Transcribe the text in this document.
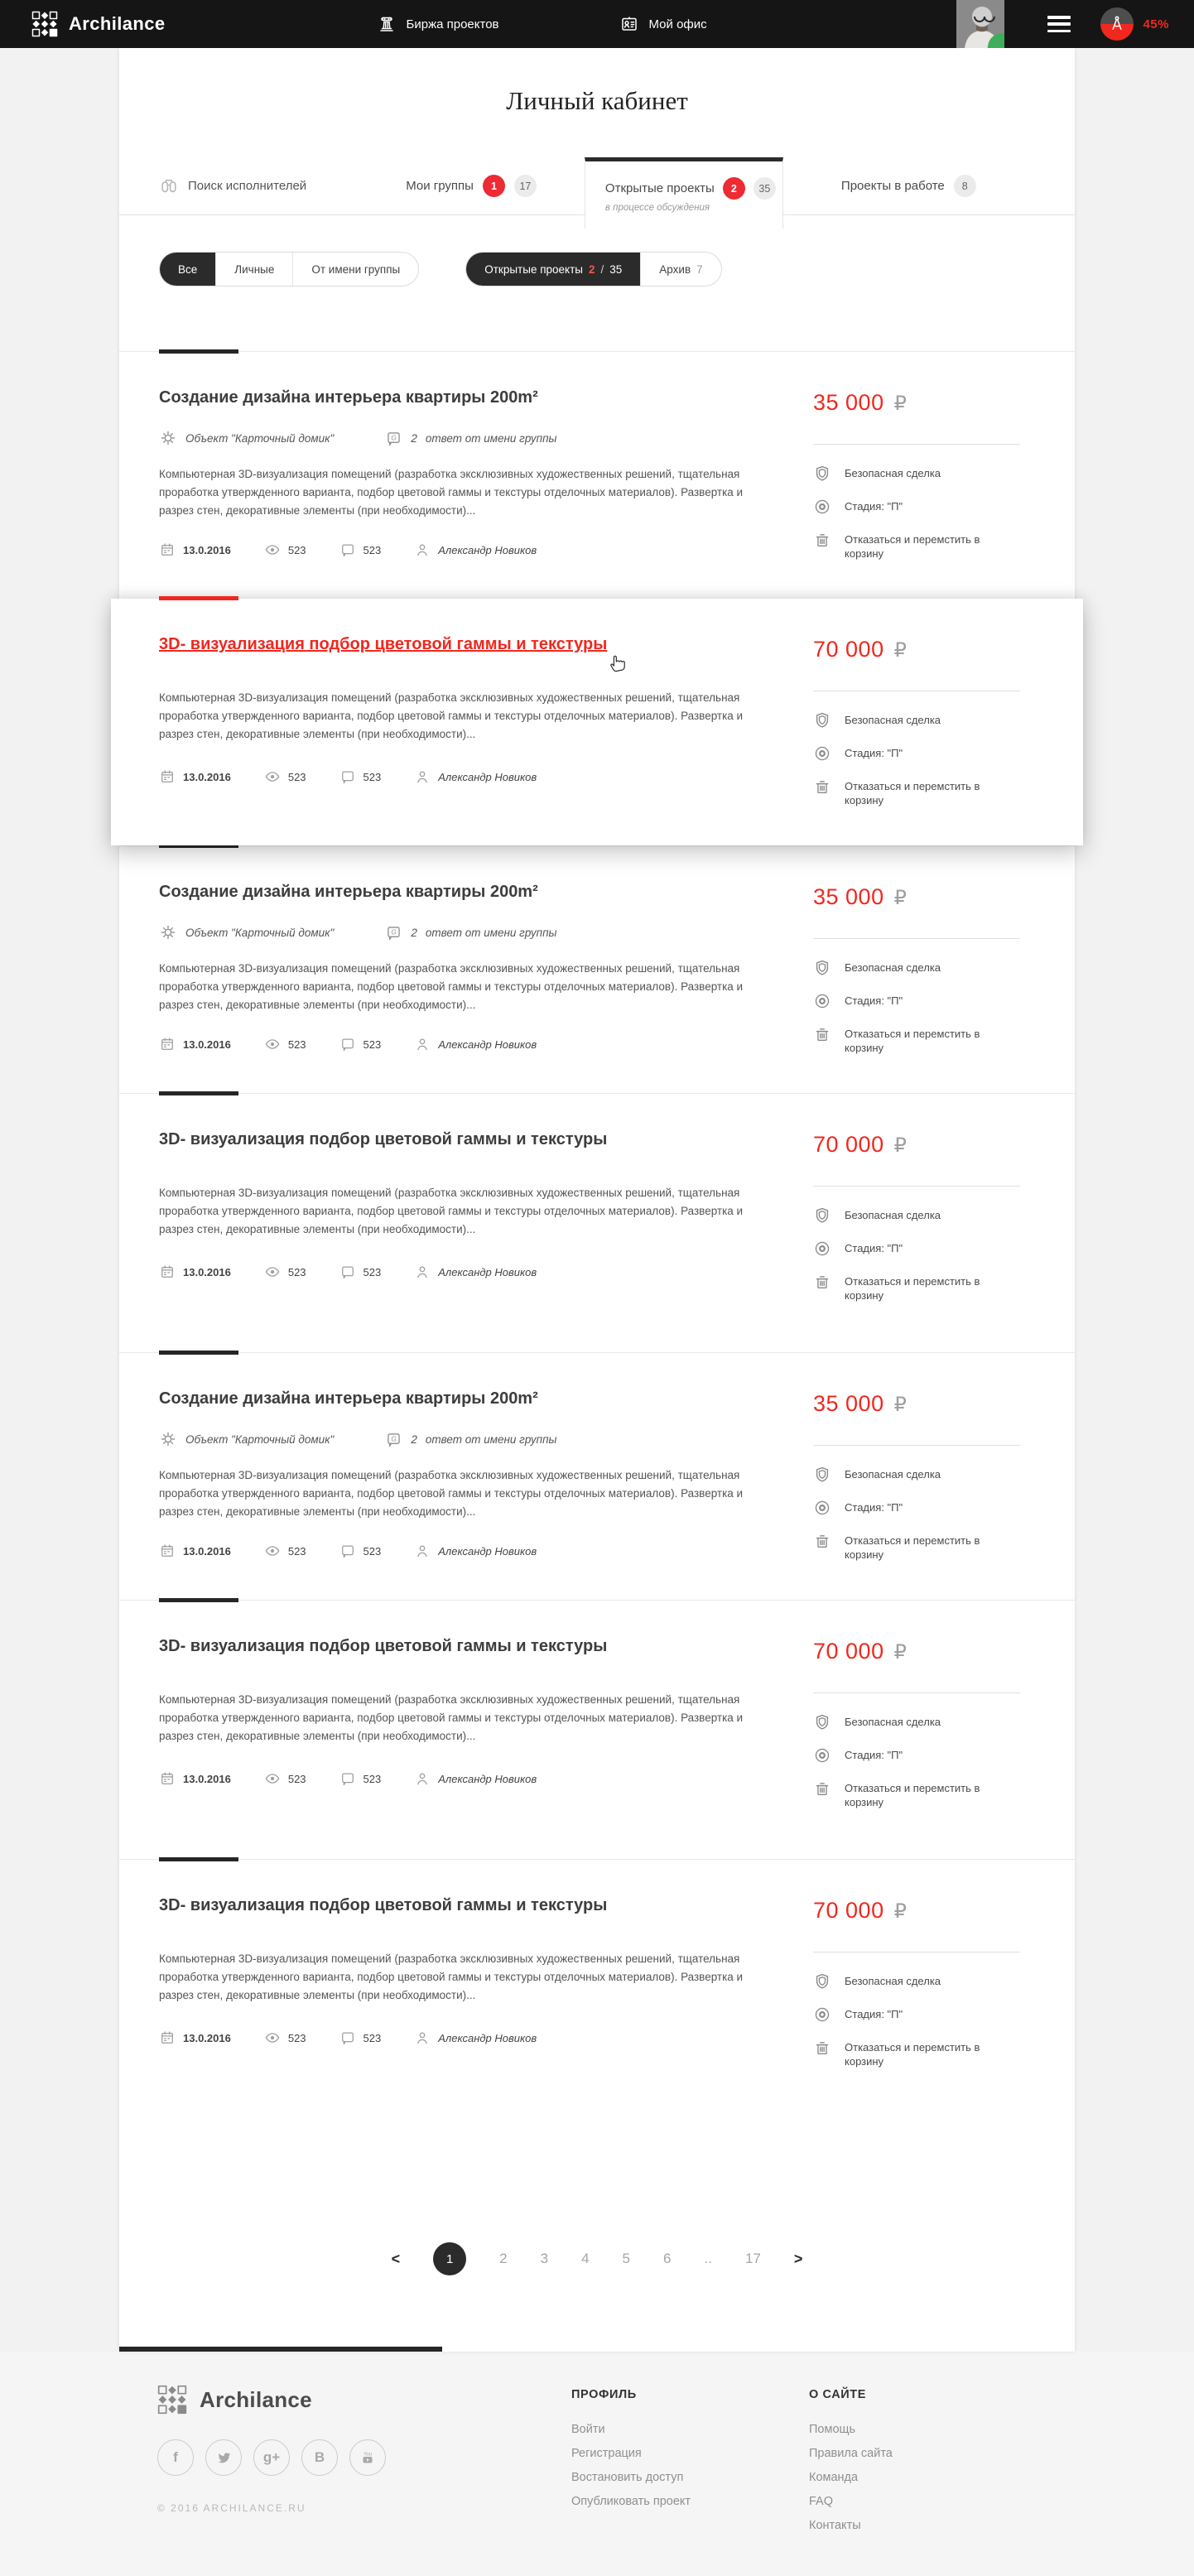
Archilance	Биржа проектов	Мой офис	45%
Личный кабинет
Поиск исполнителей	Мои группы	1	17	Открытые проекты	2	35
в процессе обсуждения
Проекты в работе	8
Все	Личные	От имени группы	Открытые проекты 2 / 35	Архив 7
Создание дизайна интерьера квартиры 200m²
Объект "Карточный домик"	2 ответ от имени группы

Компьютерная 3D-визуализация помещений (разработка эксклюзивных художественных решений, тщательная проработка утвержденного варианта, подбор цветовой гаммы и текстуры отделочных материалов). Развертка и разрез стен, декоративные элементы (при необходимости)...

13.0.2016	523	523	Александр Новиков
35 000 ₽
Безопасная сделка
Стадия: "П"
Отказаться и перемстить в корзину
3D- визуализация подбор цветовой гаммы и текстуры

Компьютерная 3D-визуализация помещений (разработка эксклюзивных художественных решений, тщательная проработка утвержденного варианта, подбор цветовой гаммы и текстуры отделочных материалов). Развертка и разрез стен, декоративные элементы (при необходимости)...

13.0.2016	523	523	Александр Новиков
70 000 ₽
Безопасная сделка
Стадия: "П"
Отказаться и перемстить в корзину
Создание дизайна интерьера квартиры 200m²
Объект "Карточный домик"	2 ответ от имени группы

Компьютерная 3D-визуализация помещений (разработка эксклюзивных художественных решений, тщательная проработка утвержденного варианта, подбор цветовой гаммы и текстуры отделочных материалов). Развертка и разрез стен, декоративные элементы (при необходимости)...

13.0.2016	523	523	Александр Новиков
35 000 ₽
Безопасная сделка
Стадия: "П"
Отказаться и перемстить в корзину
3D- визуализация подбор цветовой гаммы и текстуры

Компьютерная 3D-визуализация помещений (разработка эксклюзивных художественных решений, тщательная проработка утвержденного варианта, подбор цветовой гаммы и текстуры отделочных материалов). Развертка и разрез стен, декоративные элементы (при необходимости)...

13.0.2016	523	523	Александр Новиков
70 000 ₽
Безопасная сделка
Стадия: "П"
Отказаться и перемстить в корзину
Создание дизайна интерьера квартиры 200m²
Объект "Карточный домик"	2 ответ от имени группы

Компьютерная 3D-визуализация помещений (разработка эксклюзивных художественных решений, тщательная проработка утвержденного варианта, подбор цветовой гаммы и текстуры отделочных материалов). Развертка и разрез стен, декоративные элементы (при необходимости)...

13.0.2016	523	523	Александр Новиков
35 000 ₽
Безопасная сделка
Стадия: "П"
Отказаться и перемстить в корзину
3D- визуализация подбор цветовой гаммы и текстуры

Компьютерная 3D-визуализация помещений (разработка эксклюзивных художественных решений, тщательная проработка утвержденного варианта, подбор цветовой гаммы и текстуры отделочных материалов). Развертка и разрез стен, декоративные элементы (при необходимости)...

13.0.2016	523	523	Александр Новиков
70 000 ₽
Безопасная сделка
Стадия: "П"
Отказаться и перемстить в корзину
3D- визуализация подбор цветовой гаммы и текстуры

Компьютерная 3D-визуализация помещений (разработка эксклюзивных художественных решений, тщательная проработка утвержденного варианта, подбор цветовой гаммы и текстуры отделочных материалов). Развертка и разрез стен, декоративные элементы (при необходимости)...

13.0.2016	523	523	Александр Новиков
70 000 ₽
Безопасная сделка
Стадия: "П"
Отказаться и перемстить в корзину
<	1	2 3 4 5 6 .. 17 >
Archilance
f	g+ B
© 2016 ARCHILANCE.RU
ПРОФИЛЬ
Войти
Регистрация
Востановить доступ
Опубликовать проект
О САЙТЕ
Помощь
Правила сайта
Команда
FAQ
Контакты
